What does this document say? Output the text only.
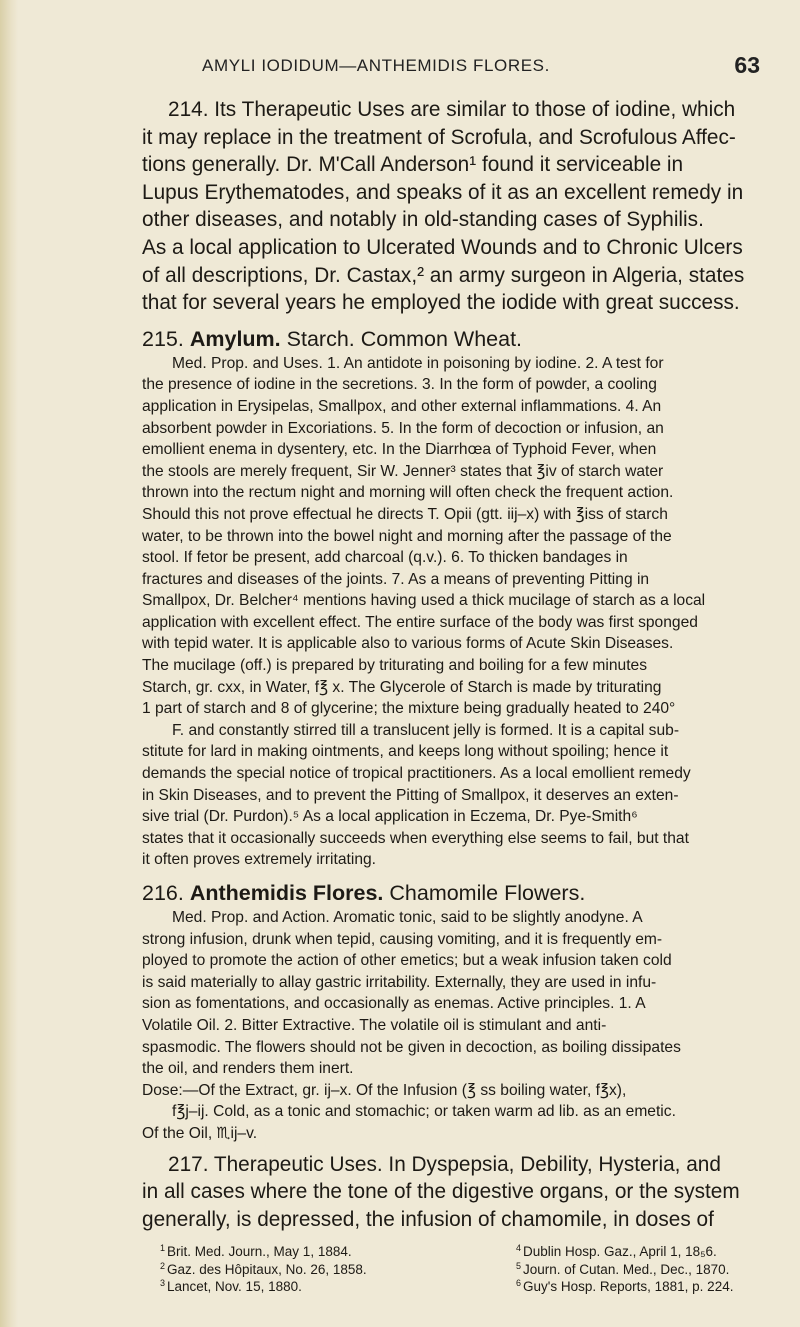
AMYLI IODIDUM—ANTHEMIDIS FLORES.	63
214. Its Therapeutic Uses are similar to those of iodine, which
it may replace in the treatment of Scrofula, and Scrofulous Affec-
tions generally. Dr. M'Call Anderson¹ found it serviceable in
Lupus Erythematodes, and speaks of it as an excellent remedy in
other diseases, and notably in old-standing cases of Syphilis.
As a local application to Ulcerated Wounds and to Chronic Ulcers
of all descriptions, Dr. Castax,² an army surgeon in Algeria, states
that for several years he employed the iodide with great success.
215. Amylum. Starch. Common Wheat.
Med. Prop. and Uses. 1. An antidote in poisoning by iodine. 2. A test for
the presence of iodine in the secretions. 3. In the form of powder, a cooling
application in Erysipelas, Smallpox, and other external inflammations. 4. An
absorbent powder in Excoriations. 5. In the form of decoction or infusion, an
emollient enema in dysentery, etc. In the Diarrhœa of Typhoid Fever, when
the stools are merely frequent, Sir W. Jenner³ states that ℥iv of starch water
thrown into the rectum night and morning will often check the frequent action.
Should this not prove effectual he directs T. Opii (gtt. iij–x) with ℥iss of starch
water, to be thrown into the bowel night and morning after the passage of the
stool. If fetor be present, add charcoal (q.v.). 6. To thicken bandages in
fractures and diseases of the joints. 7. As a means of preventing Pitting in
Smallpox, Dr. Belcher⁴ mentions having used a thick mucilage of starch as a local
application with excellent effect. The entire surface of the body was first sponged
with tepid water. It is applicable also to various forms of Acute Skin Diseases.
The mucilage (off.) is prepared by triturating and boiling for a few minutes
Starch, gr. cxx, in Water, f℥ x. The Glycerole of Starch is made by triturating
1 part of starch and 8 of glycerine; the mixture being gradually heated to 240°
F. and constantly stirred till a translucent jelly is formed. It is a capital sub-
stitute for lard in making ointments, and keeps long without spoiling; hence it
demands the special notice of tropical practitioners. As a local emollient remedy
in Skin Diseases, and to prevent the Pitting of Smallpox, it deserves an exten-
sive trial (Dr. Purdon).⁵ As a local application in Eczema, Dr. Pye-Smith⁶
states that it occasionally succeeds when everything else seems to fail, but that
it often proves extremely irritating.
216. Anthemidis Flores. Chamomile Flowers.
Med. Prop. and Action. Aromatic tonic, said to be slightly anodyne. A
strong infusion, drunk when tepid, causing vomiting, and it is frequently em-
ployed to promote the action of other emetics; but a weak infusion taken cold
is said materially to allay gastric irritability. Externally, they are used in infu-
sion as fomentations, and occasionally as enemas. Active principles. 1. A
Volatile Oil. 2. Bitter Extractive. The volatile oil is stimulant and anti-
spasmodic. The flowers should not be given in decoction, as boiling dissipates
the oil, and renders them inert.
Dose:—Of the Extract, gr. ij–x. Of the Infusion (℥ ss boiling water, f℥x),
f℥j–ij. Cold, as a tonic and stomachic; or taken warm ad lib. as an emetic.
Of the Oil, ♏ij–v.
217. Therapeutic Uses. In Dyspepsia, Debility, Hysteria, and
in all cases where the tone of the digestive organs, or the system
generally, is depressed, the infusion of chamomile, in doses of
$^1$ Brit. Med. Journ., May 1, 1884.	$^4$ Dublin Hosp. Gaz., April 1, 18₅6.
$^2$ Gaz. des Hôpitaux, No. 26, 1858.	$^5$ Journ. of Cutan. Med., Dec., 1870.
$^3$ Lancet, Nov. 15, 1880.	$^6$ Guy's Hosp. Reports, 1881, p. 224.
